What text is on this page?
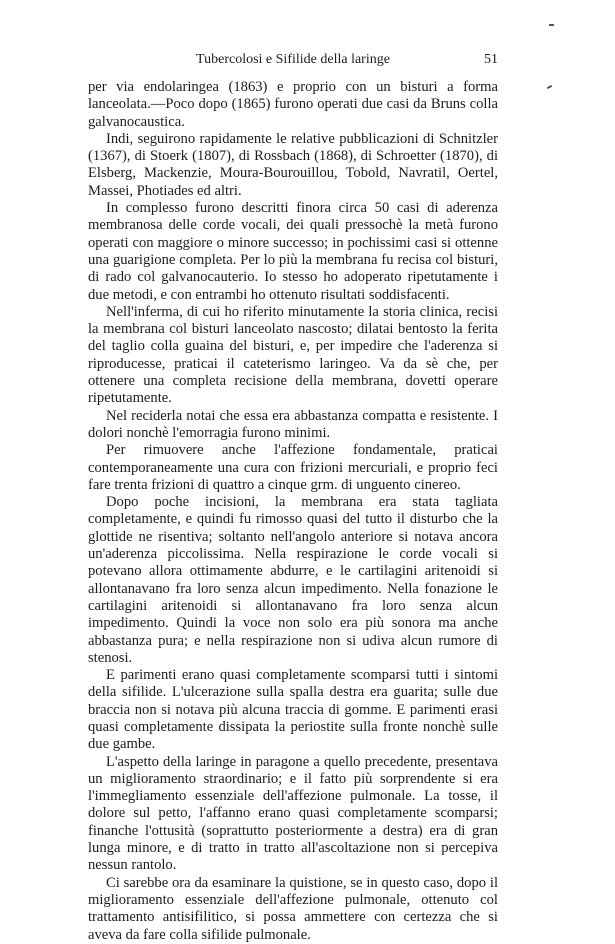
Tubercolosi e Sifilide della laringe	51

per via endolaringea (1863) e proprio con un bisturi a forma lanceolata.—Poco dopo (1865) furono operati due casi da Bruns colla galvanocaustica.

Indi, seguirono rapidamente le relative pubblicazioni di Schnitzler (1367), di Stoerk (1807), di Rossbach (1868), di Schroetter (1870), di Elsberg, Mackenzie, Moura-Bourouillou, Tobold, Navratil, Oertel, Massei, Photiades ed altri.

In complesso furono descritti finora circa 50 casi di aderenza membranosa delle corde vocali, dei quali pressochè la metà furono operati con maggiore o minore successo; in pochissimi casi si ottenne una guarigione completa. Per lo più la membrana fu recisa col bisturi, di rado col galvanocauterio. Io stesso ho adoperato ripetutamente i due metodi, e con entrambi ho ottenuto risultati soddisfacenti.

Nell'inferma, di cui ho riferito minutamente la storia clinica, recisi la membrana col bisturi lanceolato nascosto; dilatai bentosto la ferita del taglio colla guaina del bisturi, e, per impedire che l'aderenza si riproducesse, praticai il cateterismo laringeo. Va da sè che, per ottenere una completa recisione della membrana, dovetti operare ripetutamente.

Nel reciderla notai che essa era abbastanza compatta e resistente. I dolori nonchè l'emorragia furono minimi.

Per rimuovere anche l'affezione fondamentale, praticai contemporaneamente una cura con frizioni mercuriali, e proprio feci fare trenta frizioni di quattro a cinque grm. di unguento cinereo.

Dopo poche incisioni, la membrana era stata tagliata completamente, e quindi fu rimosso quasi del tutto il disturbo che la glottide ne risentiva; soltanto nell'angolo anteriore si notava ancora un'aderenza piccolissima. Nella respirazione le corde vocali si potevano allora ottimamente abdurre, e le cartilagini aritenoidi si allontanavano fra loro senza alcun impedimento. Nella fonazione le cartilagini aritenoidi si allontanavano fra loro senza alcun impedimento. Quindi la voce non solo era più sonora ma anche abbastanza pura; e nella respirazione non si udiva alcun rumore di stenosi.

E parimenti erano quasi completamente scomparsi tutti i sintomi della sifilide. L'ulcerazione sulla spalla destra era guarita; sulle due braccia non si notava più alcuna traccia di gomme. E parimenti erasi quasi completamente dissipata la periostite sulla fronte nonchè sulle due gambe.

L'aspetto della laringe in paragone a quello precedente, presentava un miglioramento straordinario; e il fatto più sorprendente si era l'immegliamento essenziale dell'affezione pulmonale. La tosse, il dolore sul petto, l'affanno erano quasi completamente scomparsi; finanche l'ottusità (soprattutto posteriormente a destra) era di gran lunga minore, e di tratto in tratto all'ascoltazione non si percepiva nessun rantolo.

Ci sarebbe ora da esaminare la quistione, se in questo caso, dopo il miglioramento essenziale dell'affezione pulmonale, ottenuto col trattamento antisifilitico, si possa ammettere con certezza che si aveva da fare colla sifilide pulmonale.
